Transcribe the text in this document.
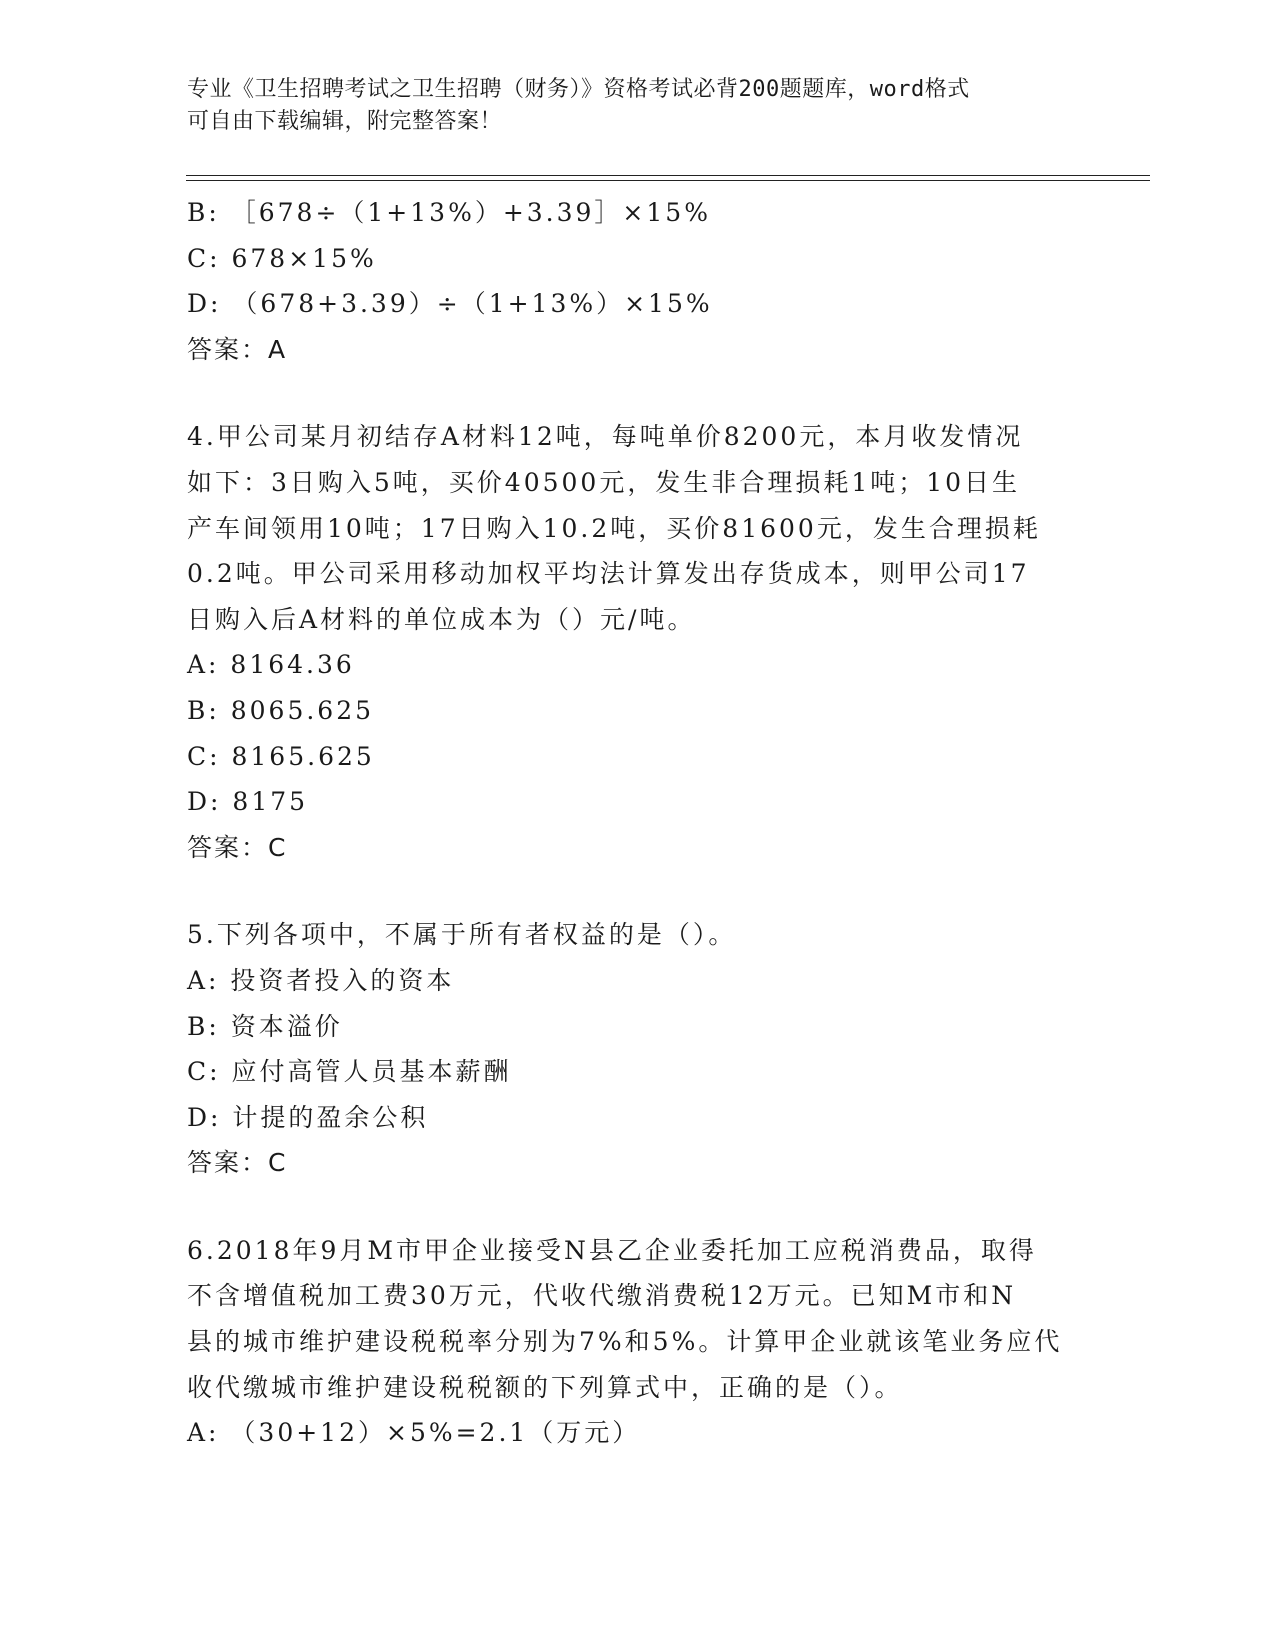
专业《卫生招聘考试之卫生招聘（财务）》资格考试必背200题题库，word格式
可自由下载编辑，附完整答案！
B: ［678÷（1+13%）+3.39］×15%
C: 678×15%
D: （678+3.39）÷（1+13%）×15%
答案：A
4.甲公司某月初结存A材料12吨，每吨单价8200元，本月收发情况
如下：3日购入5吨，买价40500元，发生非合理损耗1吨；10日生
产车间领用10吨；17日购入10.2吨，买价81600元，发生合理损耗
0.2吨。甲公司采用移动加权平均法计算发出存货成本，则甲公司17
日购入后A材料的单位成本为（）元/吨。
A: 8164.36
B: 8065.625
C: 8165.625
D: 8175
答案：C
5.下列各项中，不属于所有者权益的是（）。
A: 投资者投入的资本
B: 资本溢价
C: 应付高管人员基本薪酬
D: 计提的盈余公积
答案：C
6.2018年9月M市甲企业接受N县乙企业委托加工应税消费品，取得
不含增值税加工费30万元，代收代缴消费税12万元。已知M市和N
县的城市维护建设税税率分别为7%和5%。计算甲企业就该笔业务应代
收代缴城市维护建设税税额的下列算式中，正确的是（）。
A: （30+12）×5%=2.1（万元）
